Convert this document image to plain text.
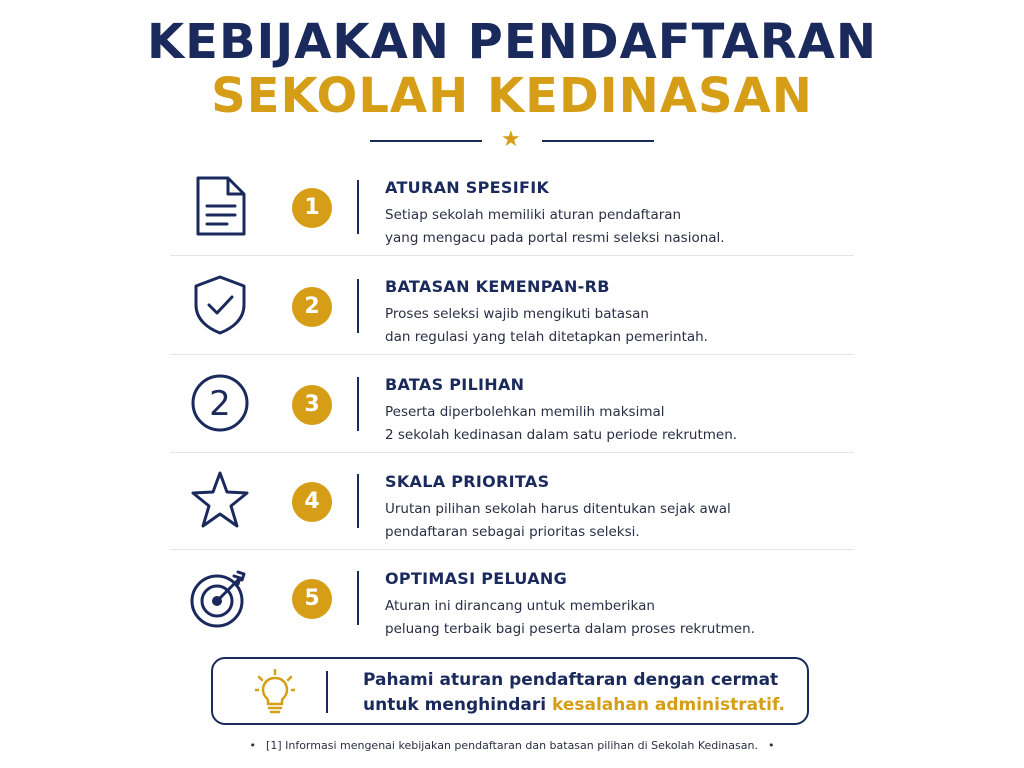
KEBIJAKAN PENDAFTARAN
SEKOLAH KEDINASAN
★
1
ATURAN SPESIFIK
Setiap sekolah memiliki aturan pendaftaran
yang mengacu pada portal resmi seleksi nasional.
2
BATASAN KEMENPAN-RB
Proses seleksi wajib mengikuti batasan
dan regulasi yang telah ditetapkan pemerintah.
2	3
BATAS PILIHAN
Peserta diperbolehkan memilih maksimal
2 sekolah kedinasan dalam satu periode rekrutmen.
4
SKALA PRIORITAS
Urutan pilihan sekolah harus ditentukan sejak awal
pendaftaran sebagai prioritas seleksi.
5
OPTIMASI PELUANG
Aturan ini dirancang untuk memberikan
peluang terbaik bagi peserta dalam proses rekrutmen.
Pahami aturan pendaftaran dengan cermat
untuk menghindari kesalahan administratif.
• [1] Informasi mengenai kebijakan pendaftaran dan batasan pilihan di Sekolah Kedinasan. •
